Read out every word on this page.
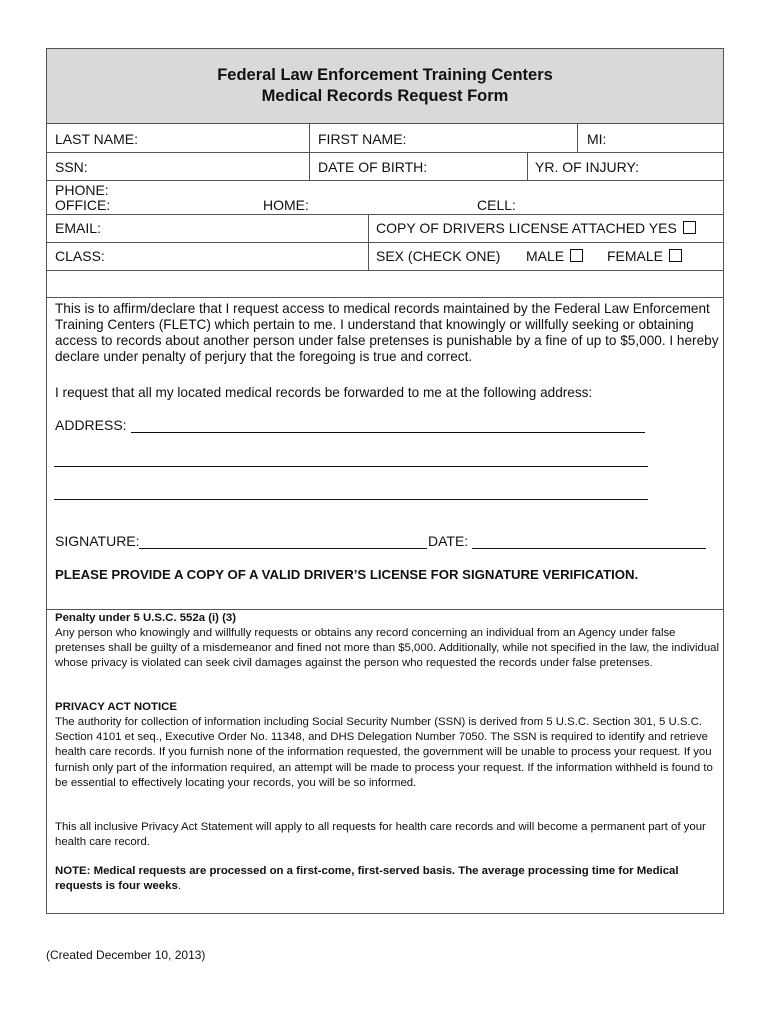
Federal Law Enforcement Training Centers
Medical Records Request Form
LAST NAME:	FIRST NAME:	MI:
SSN:	DATE OF BIRTH:	YR. OF INJURY:
PHONE:
OFFICE:	HOME:	CELL:
EMAIL:	COPY OF DRIVERS LICENSE ATTACHED YES
CLASS:	SEX (CHECK ONE) MALE	FEMALE
This is to affirm/declare that I request access to medical records maintained by the Federal Law Enforcement Training Centers (FLETC) which pertain to me. I understand that knowingly or willfully seeking or obtaining access to records about another person under false pretenses is punishable by a fine of up to $5,000. I hereby declare under penalty of perjury that the foregoing is true and correct.
I request that all my located medical records be forwarded to me at the following address:
ADDRESS:
SIGNATURE:	DATE:
PLEASE PROVIDE A COPY OF A VALID DRIVER’S LICENSE FOR SIGNATURE VERIFICATION.
Penalty under 5 U.S.C. 552a (i) (3)
Any person who knowingly and willfully requests or obtains any record concerning an individual from an Agency under false pretenses shall be guilty of a misdemeanor and fined not more than $5,000. Additionally, while not specified in the law, the individual whose privacy is violated can seek civil damages against the person who requested the records under false pretenses.
PRIVACY ACT NOTICE
The authority for collection of information including Social Security Number (SSN) is derived from 5 U.S.C. Section 301, 5 U.S.C. Section 4101 et seq., Executive Order No. 11348, and DHS Delegation Number 7050. The SSN is required to identify and retrieve health care records. If you furnish none of the information requested, the government will be unable to process your request. If you furnish only part of the information required, an attempt will be made to process your request. If the information withheld is found to be essential to effectively locating your records, you will be so informed.
This all inclusive Privacy Act Statement will apply to all requests for health care records and will become a permanent part of your health care record.
NOTE: Medical requests are processed on a first-come, first-served basis. The average processing time for Medical requests is four weeks.
(Created December 10, 2013)
